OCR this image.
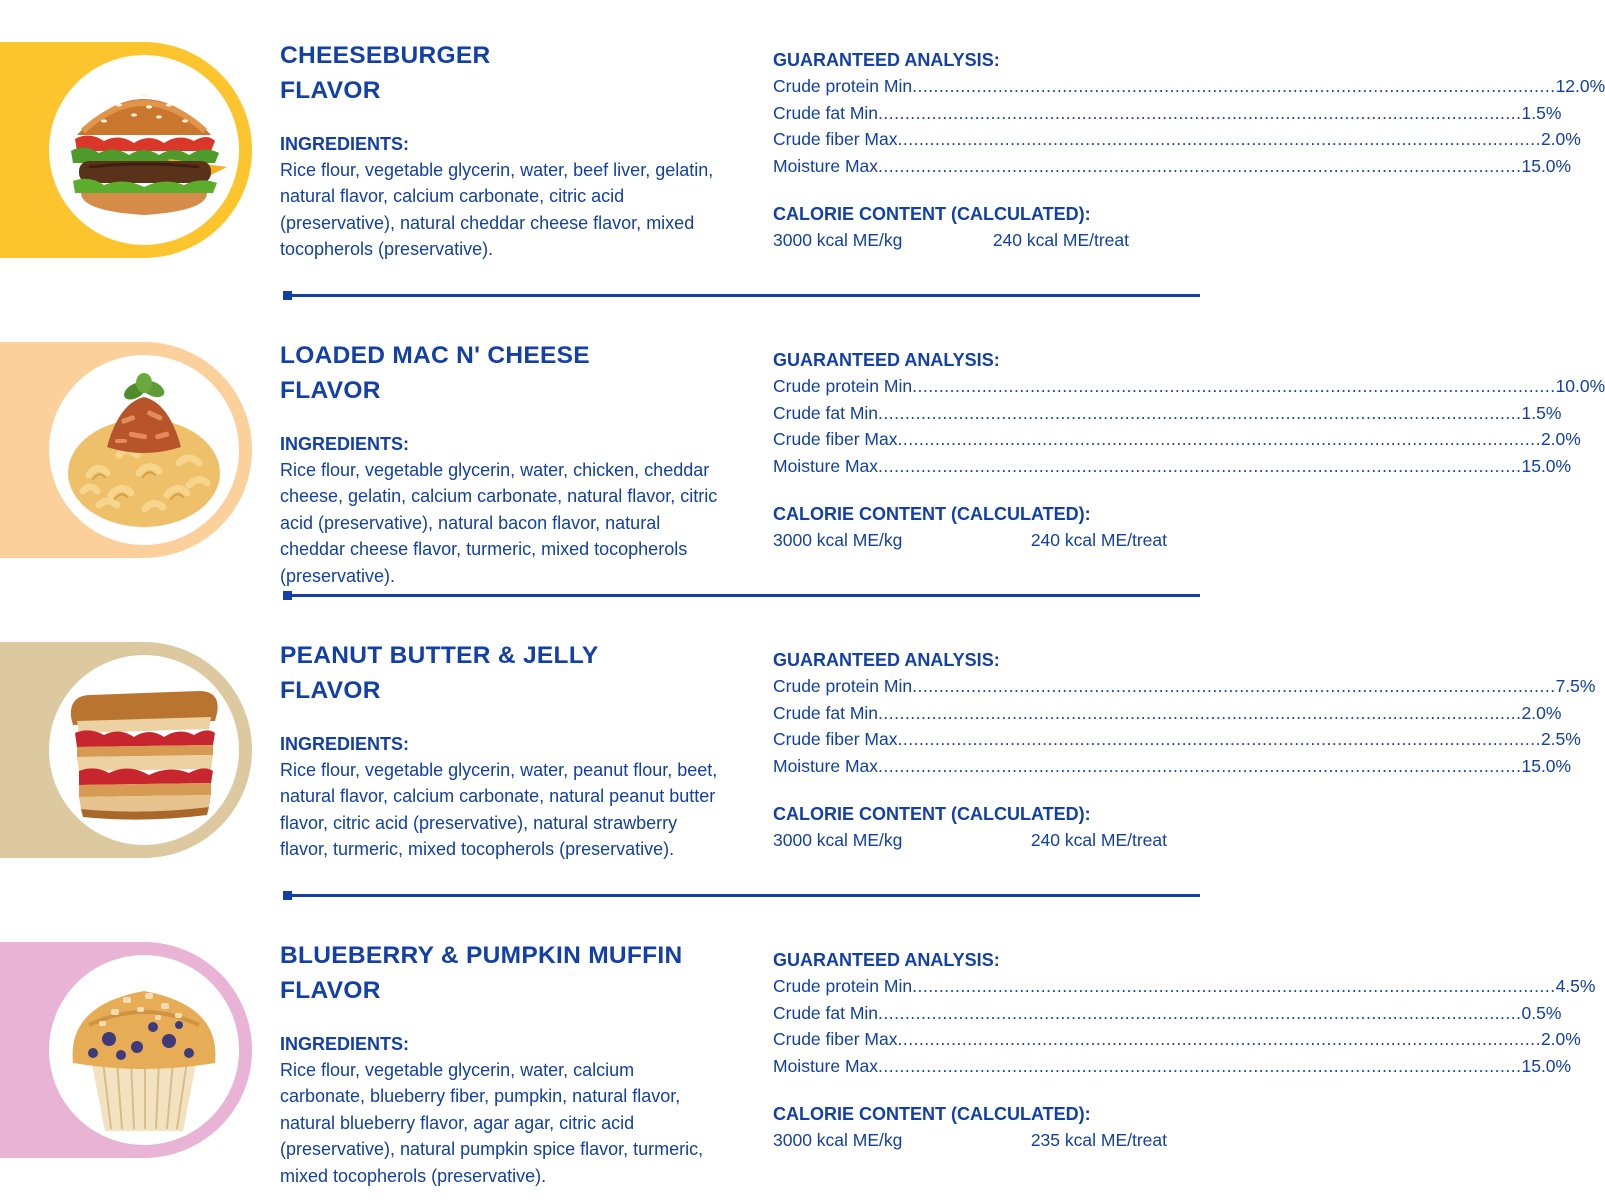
CHEESEBURGER
FLAVOR
INGREDIENTS:
Rice flour, vegetable glycerin, water, beef liver, gelatin, natural flavor, calcium carbonate, citric acid (preservative), natural cheddar cheese flavor, mixed tocopherols (preservative).
GUARANTEED ANALYSIS:
Crude protein Min ........................................................................................................................ 12.0%
Crude fat Min ........................................................................................................................ 1.5%
Crude fiber Max ........................................................................................................................ 2.0%
Moisture Max ........................................................................................................................ 15.0%
CALORIE CONTENT (CALCULATED):
3000 kcal ME/kg	240 kcal ME/treat
LOADED MAC N' CHEESE
FLAVOR
INGREDIENTS:
Rice flour, vegetable glycerin, water, chicken, cheddar cheese, gelatin, calcium carbonate, natural flavor, citric acid (preservative), natural bacon flavor, natural cheddar cheese flavor, turmeric, mixed tocopherols (preservative).
GUARANTEED ANALYSIS:
Crude protein Min ........................................................................................................................ 10.0%
Crude fat Min ........................................................................................................................ 1.5%
Crude fiber Max ........................................................................................................................ 2.0%
Moisture Max ........................................................................................................................ 15.0%
CALORIE CONTENT (CALCULATED):
3000 kcal ME/kg	240 kcal ME/treat
PEANUT BUTTER & JELLY
FLAVOR
INGREDIENTS:
Rice flour, vegetable glycerin, water, peanut flour, beet, natural flavor, calcium carbonate, natural peanut butter flavor, citric acid (preservative), natural strawberry flavor, turmeric, mixed tocopherols (preservative).
GUARANTEED ANALYSIS:
Crude protein Min ........................................................................................................................ 7.5%
Crude fat Min ........................................................................................................................ 2.0%
Crude fiber Max ........................................................................................................................ 2.5%
Moisture Max ........................................................................................................................ 15.0%
CALORIE CONTENT (CALCULATED):
3000 kcal ME/kg	240 kcal ME/treat
BLUEBERRY & PUMPKIN MUFFIN
FLAVOR
INGREDIENTS:
Rice flour, vegetable glycerin, water, calcium carbonate, blueberry fiber, pumpkin, natural flavor, natural blueberry flavor, agar agar, citric acid (preservative), natural pumpkin spice flavor, turmeric, mixed tocopherols (preservative).
GUARANTEED ANALYSIS:
Crude protein Min ........................................................................................................................ 4.5%
Crude fat Min ........................................................................................................................ 0.5%
Crude fiber Max ........................................................................................................................ 2.0%
Moisture Max ........................................................................................................................ 15.0%
CALORIE CONTENT (CALCULATED):
3000 kcal ME/kg	235 kcal ME/treat
